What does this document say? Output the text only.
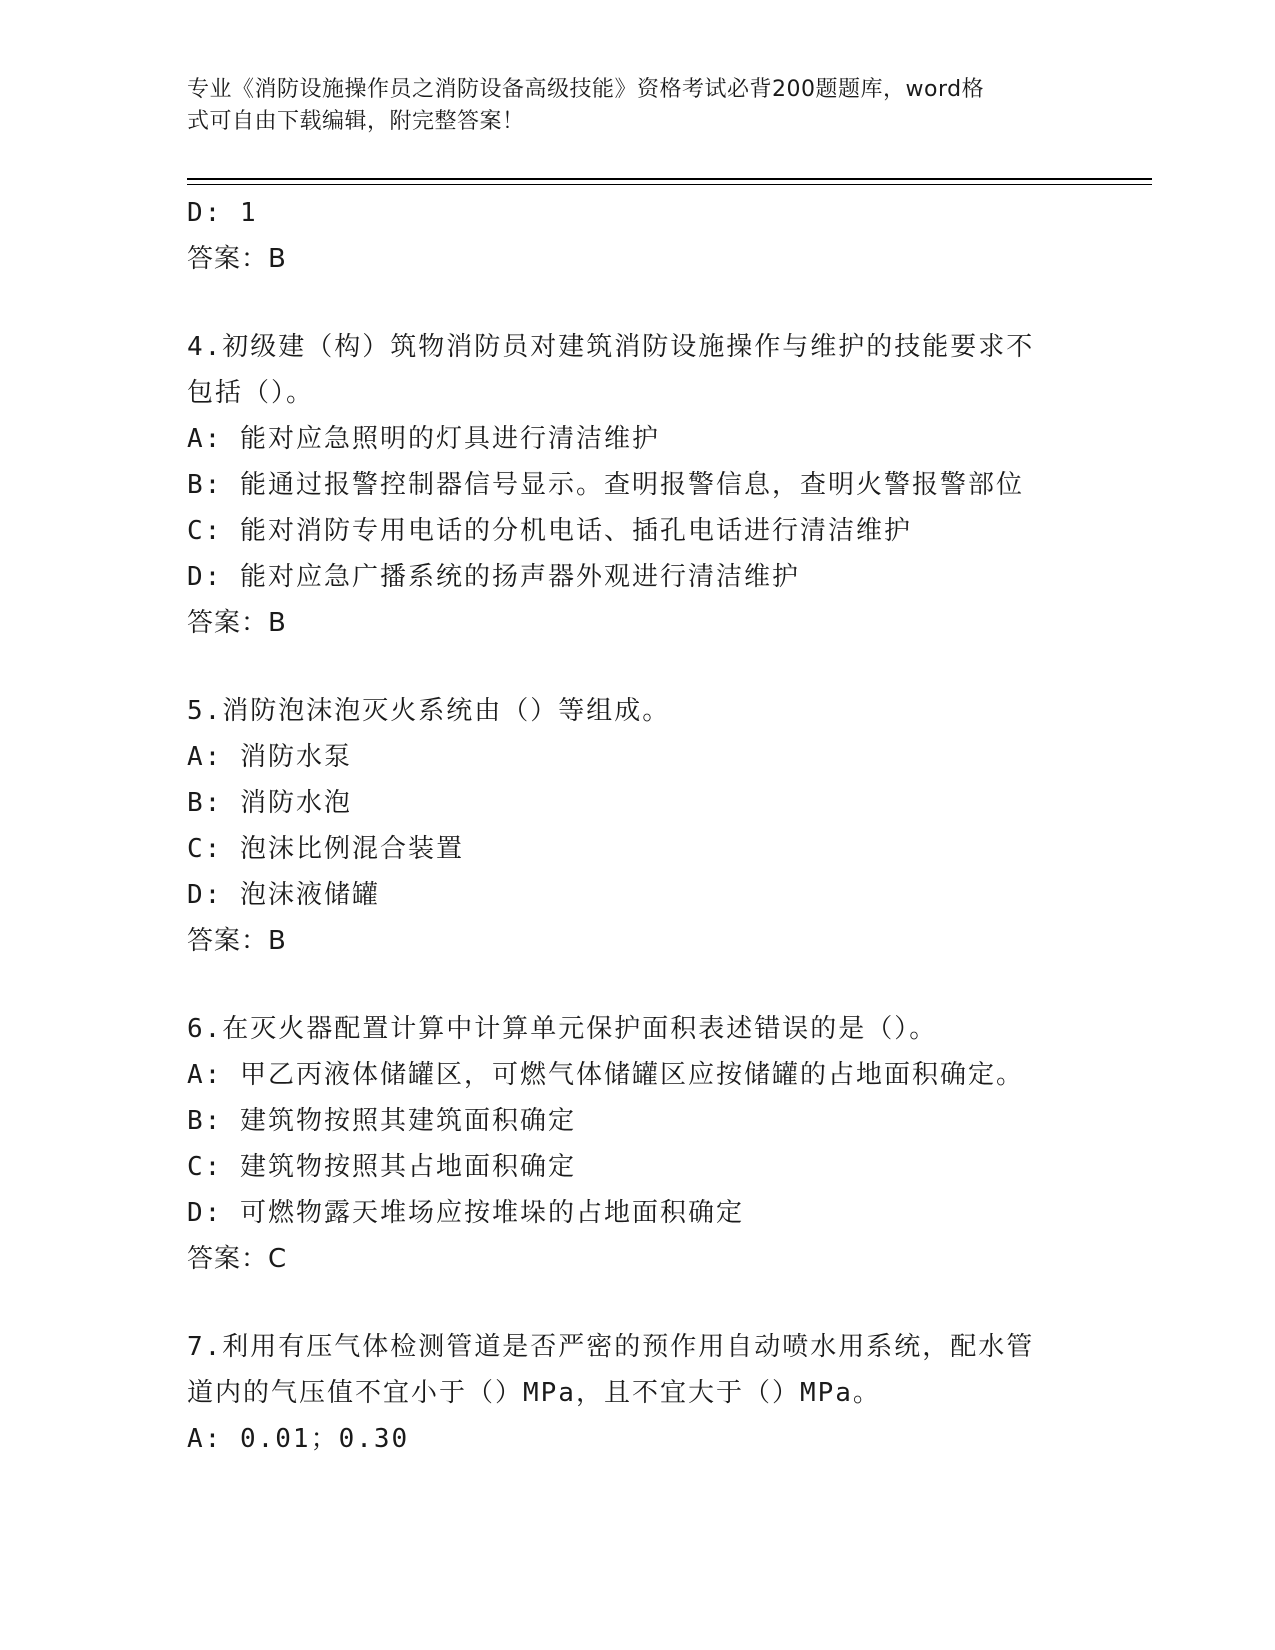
专业《消防设施操作员之消防设备高级技能》资格考试必背200题题库，word格
式可自由下载编辑，附完整答案！
D: 1
答案：B
4.初级建（构）筑物消防员对建筑消防设施操作与维护的技能要求不
包括（）。
A: 能对应急照明的灯具进行清洁维护
B: 能通过报警控制器信号显示。查明报警信息，查明火警报警部位
C: 能对消防专用电话的分机电话、插孔电话进行清洁维护
D: 能对应急广播系统的扬声器外观进行清洁维护
答案：B
5.消防泡沫泡灭火系统由（）等组成。
A: 消防水泵
B: 消防水泡
C: 泡沫比例混合装置
D: 泡沫液储罐
答案：B
6.在灭火器配置计算中计算单元保护面积表述错误的是（）。
A: 甲乙丙液体储罐区，可燃气体储罐区应按储罐的占地面积确定。
B: 建筑物按照其建筑面积确定
C: 建筑物按照其占地面积确定
D: 可燃物露天堆场应按堆垛的占地面积确定
答案：C
7.利用有压气体检测管道是否严密的预作用自动喷水用系统，配水管
道内的气压值不宜小于（）MPa，且不宜大于（）MPa。
A: 0.01；0.30
